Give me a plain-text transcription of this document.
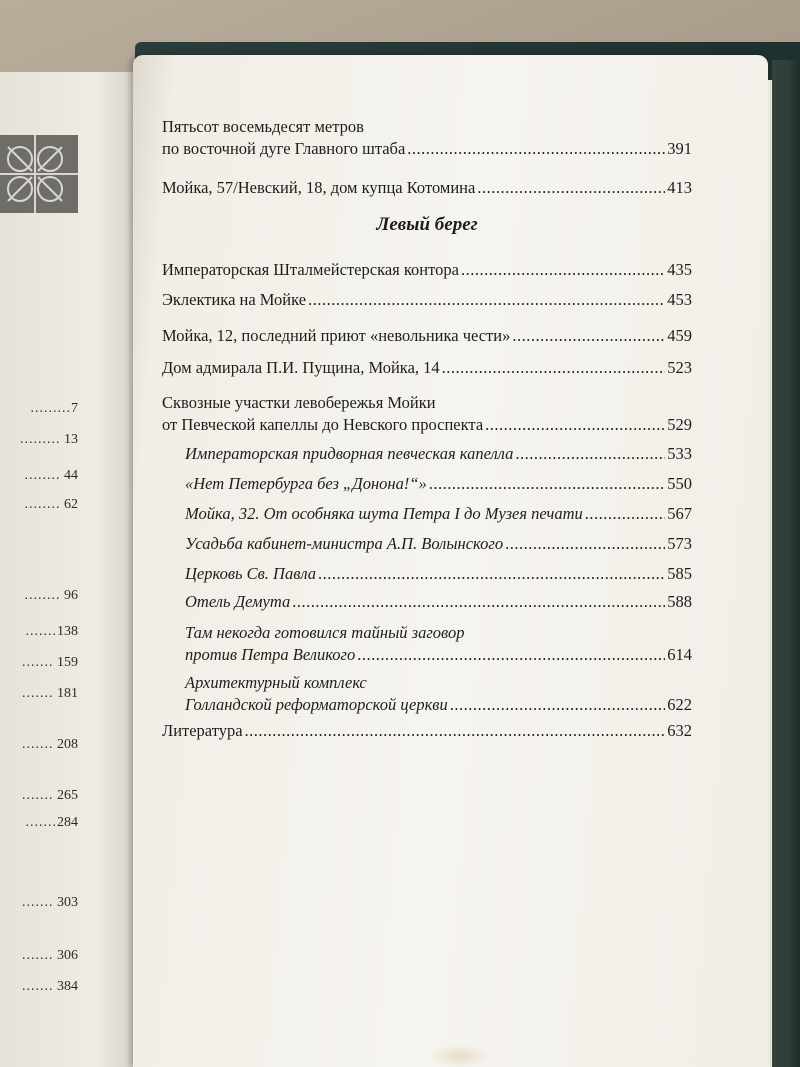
.........7
......... 13
........ 44
........ 62
........ 96
.......138
....... 159
....... 181
....... 208
....... 265
.......284
....... 303
....... 306
....... 384
Пятьсот восемьдесят метров
по восточной дуге Главного штаба .....	391
Мойка, 57/Невский, 18, дом купца Котомина .....	413
Левый берег
Императорская Шталмейстерская контора .....	435
Эклектика на Мойке .....	453
Мойка, 12, последний приют «невольника чести» .....	459
Дом адмирала П.И. Пущина, Мойка, 14 .....	523
Сквозные участки левобережья Мойки
от Певческой капеллы до Невского проспекта .....	529
Императорская придворная певческая капелла .....	533
«Нет Петербурга без „Донона!“» .....	550
Мойка, 32. От особняка шута Петра I до Музея печати .....	567
Усадьба кабинет-министра А.П. Волынского .....	573
Церковь Св. Павла .....	585
Отель Демута .....	588
Там некогда готовился тайный заговор
против Петра Великого .....	614
Архитектурный комплекс
Голландской реформаторской церкви .....	622
Литература .....	632
